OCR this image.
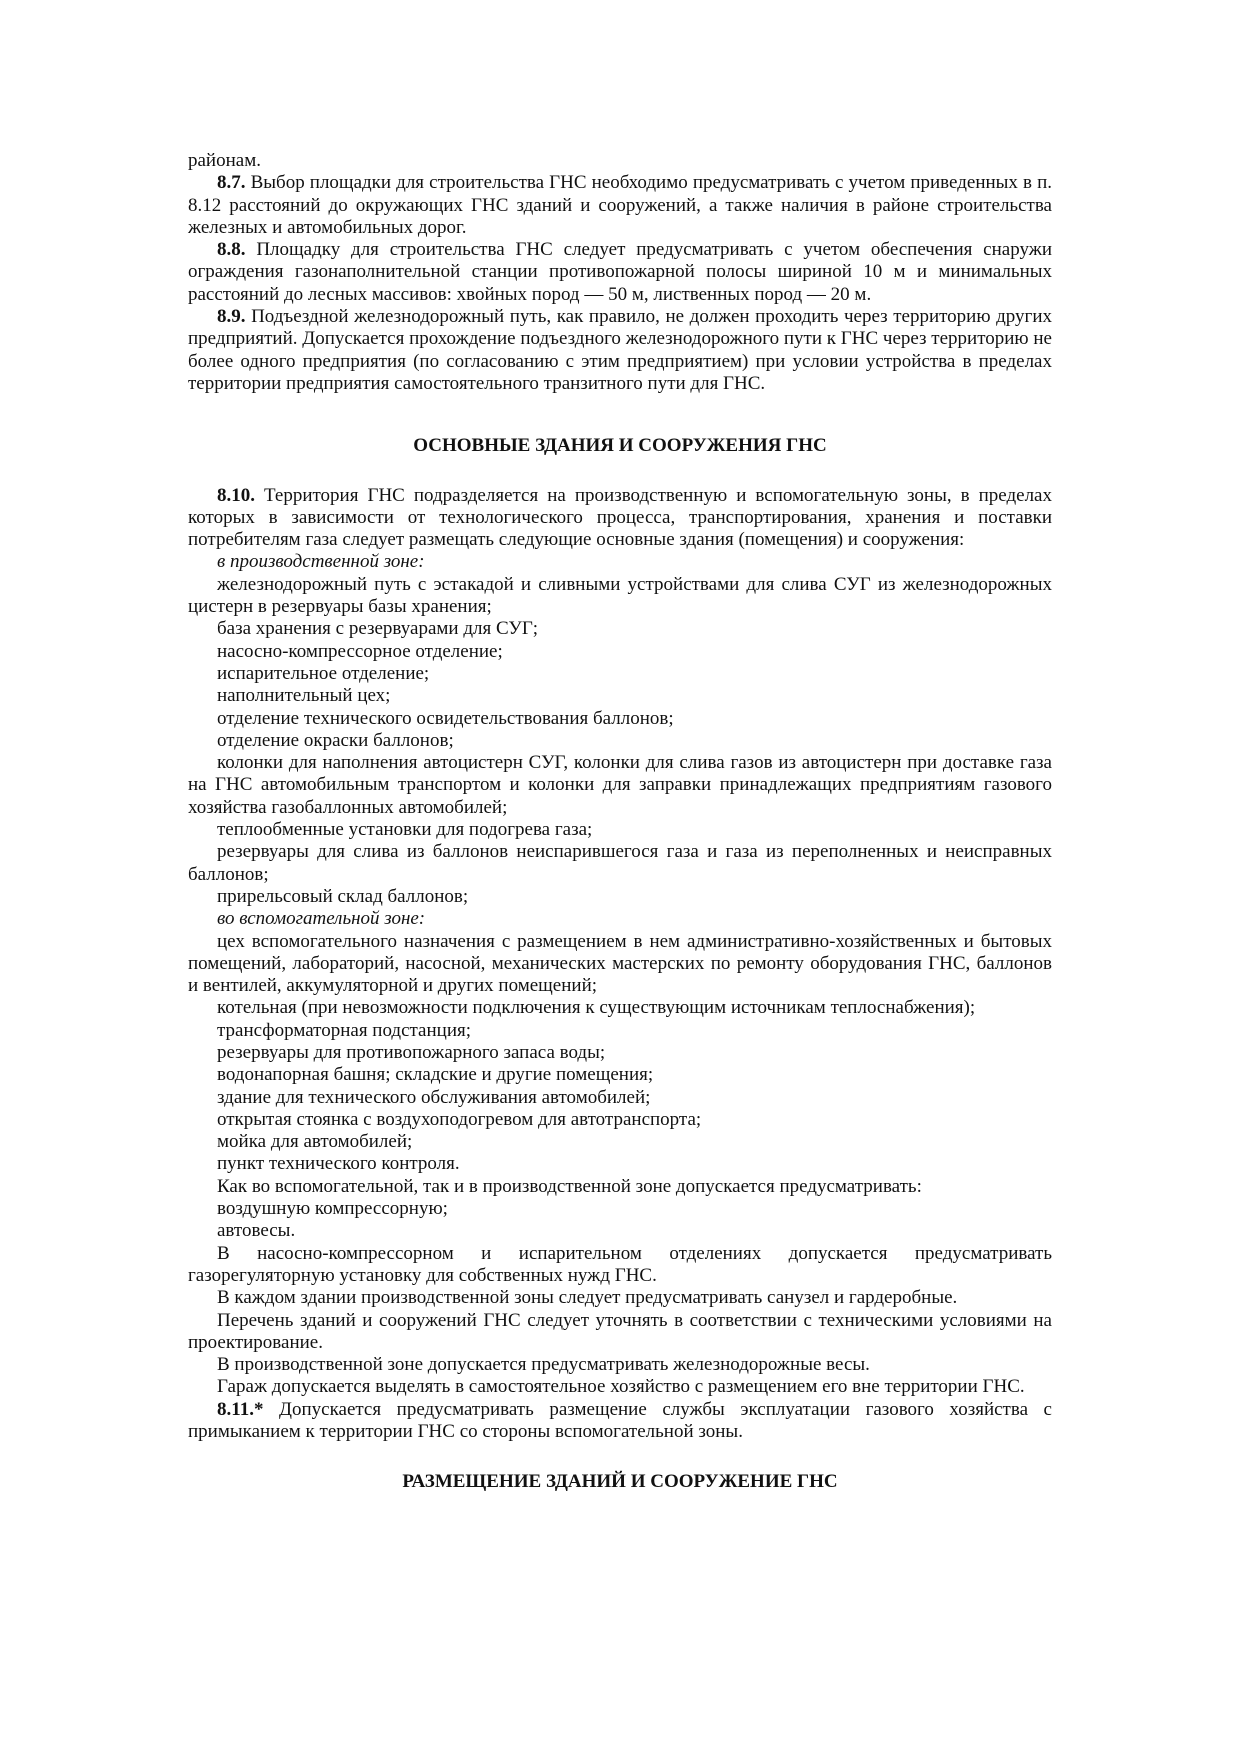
районам.

8.7. Выбор площадки для строительства ГНС необходимо предусматривать с учетом приведенных в п. 8.12 расстояний до окружающих ГНС зданий и сооружений, а также наличия в районе строительства железных и автомобильных дорог.

8.8. Площадку для строительства ГНС следует предусматривать с учетом обеспечения снаружи ограждения газонаполнительной станции противопожарной полосы шириной 10 м и минимальных расстояний до лесных массивов: хвойных пород — 50 м, лиственных пород — 20 м.

8.9. Подъездной железнодорожный путь, как правило, не должен проходить через территорию других предприятий. Допускается прохождение подъездного железнодорожного пути к ГНС через территорию не более одного предприятия (по согласованию с этим предприятием) при условии устройства в пределах территории предприятия самостоятельного транзитного пути для ГНС.

ОСНОВНЫЕ ЗДАНИЯ И СООРУЖЕНИЯ ГНС

8.10. Территория ГНС подразделяется на производственную и вспомогательную зоны, в пределах которых в зависимости от технологического процесса, транспортирования, хранения и поставки потребителям газа следует размещать следующие основные здания (помещения) и сооружения:

в производственной зоне:

железнодорожный путь с эстакадой и сливными устройствами для слива СУГ из железнодорожных цистерн в резервуары базы хранения;

база хранения с резервуарами для СУГ;

насосно-компрессорное отделение;

испарительное отделение;

наполнительный цех;

отделение технического освидетельствования баллонов;

отделение окраски баллонов;

колонки для наполнения автоцистерн СУГ, колонки для слива газов из автоцистерн при доставке газа на ГНС автомобильным транспортом и колонки для заправки принадлежащих предприятиям газового хозяйства газобаллонных автомобилей;

теплообменные установки для подогрева газа;

резервуары для слива из баллонов неиспарившегося газа и газа из переполненных и неисправных баллонов;

прирельсовый склад баллонов;

во вспомогательной зоне:

цех вспомогательного назначения с размещением в нем административно-хозяйственных и бытовых помещений, лабораторий, насосной, механических мастерских по ремонту оборудования ГНС, баллонов и вентилей, аккумуляторной и других помещений;

котельная (при невозможности подключения к существующим источникам теплоснабжения);

трансформаторная подстанция;

резервуары для противопожарного запаса воды;

водонапорная башня; складские и другие помещения;

здание для технического обслуживания автомобилей;

открытая стоянка с воздухоподогревом для автотранспорта;

мойка для автомобилей;

пункт технического контроля.

Как во вспомогательной, так и в производственной зоне допускается предусматривать:

воздушную компрессорную;

автовесы.

В насосно-компрессорном и испарительном отделениях допускается предусматривать газорегуляторную установку для собственных нужд ГНС.

В каждом здании производственной зоны следует предусматривать санузел и гардеробные.

Перечень зданий и сооружений ГНС следует уточнять в соответствии с техническими условиями на проектирование.

В производственной зоне допускается предусматривать железнодорожные весы.

Гараж допускается выделять в самостоятельное хозяйство с размещением его вне территории ГНС.

8.11.* Допускается предусматривать размещение службы эксплуатации газового хозяйства с примыканием к территории ГНС со стороны вспомогательной зоны.

РАЗМЕЩЕНИЕ ЗДАНИЙ И СООРУЖЕНИЕ ГНС
